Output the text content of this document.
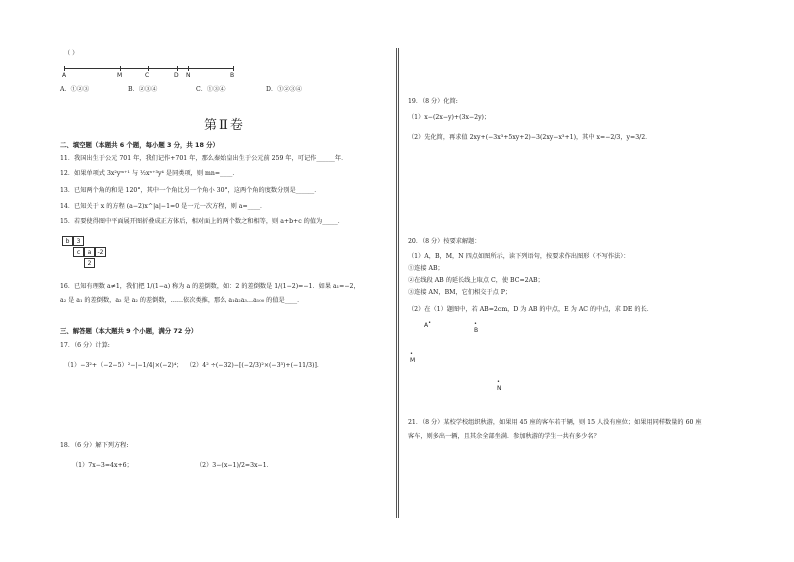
（ ）
A	M	C	D N	B
A．①②③	B．②③④	C．①③④	D．①②③④
第Ⅱ卷
二、填空题（本题共 6 个题，每小题 3 分，共 18 分）
11．我国出生于公元 701 年，我们记作+701 年，那么秦始皇出生于公元前 259 年，可记作______年．
12．如果单项式 3x²yᵐ⁺¹ 与 ½xⁿ⁺³y⁴ 是同类项，则 mn=____．
13．已知两个角的和是 120°，其中一个角比另一个角小 30°，这两个角的度数分别是______．
14．已知关于 x 的方程 (a−2)x^|a|−1=0 是一元一次方程，则 a=____．
15．若要使得图中平面展开图折叠成正方体后，相对面上的两个数之和相等，则 a+b+c 的值为_____．
b	3
c	a	-2
2
16．已知有理数 a≠1，我们把 1/(1−a) 称为 a 的差倒数，如：2 的差倒数是 1/(1−2)=−1．如果 a₁=−2，a₂ 是 a₁ 的差倒数，a₃ 是 a₂ 的差倒数，……依次类推，那么 a₁a₂a₃…a₁₀₀ 的值是____．
三、解答题（本大题共 9 个小题，满分 72 分）
17．（6 分）计算:
（1）−3²+（−2−5）²−|−1/4|×(−2)⁴； （2）4² ÷(−32)−[(−2/3)²×(−3³)+(−11/3)]．
18．（6 分）解下列方程:
（1）7x−3=4x+6；	（2）3−(x−1)/2=3x−1．
19．（8 分）化简:
（1）x−(2x−y)+(3x−2y)；
（2）先化简，再求值 2xy+(−3x³+5xy+2)−3(2xy−x³+1)，其中 x=−2/3，y=3/2．
20．（8 分）按要求解题：
（1）A，B，M，N 四点如图所示，读下列语句，按要求作出图形（不写作法）：
①连接 AB；
②在线段 AB 的延长线上取点 C，使 BC=2AB；
③连接 AN，BM，它们相交于点 P；
（2）在（1）题图中，若 AB=2cm，D 为 AB 的中点，E 为 AC 的中点，求 DE 的长．
A•	•
B
•
M
•
N
21．（8 分）某校学校组织秋游，如果用 45 座的客车若干辆，则 15 人没有座位；如果用同样数量的 60 座
客车，则多出一辆，且其余全部坐满．参加秋游的学生一共有多少名？
